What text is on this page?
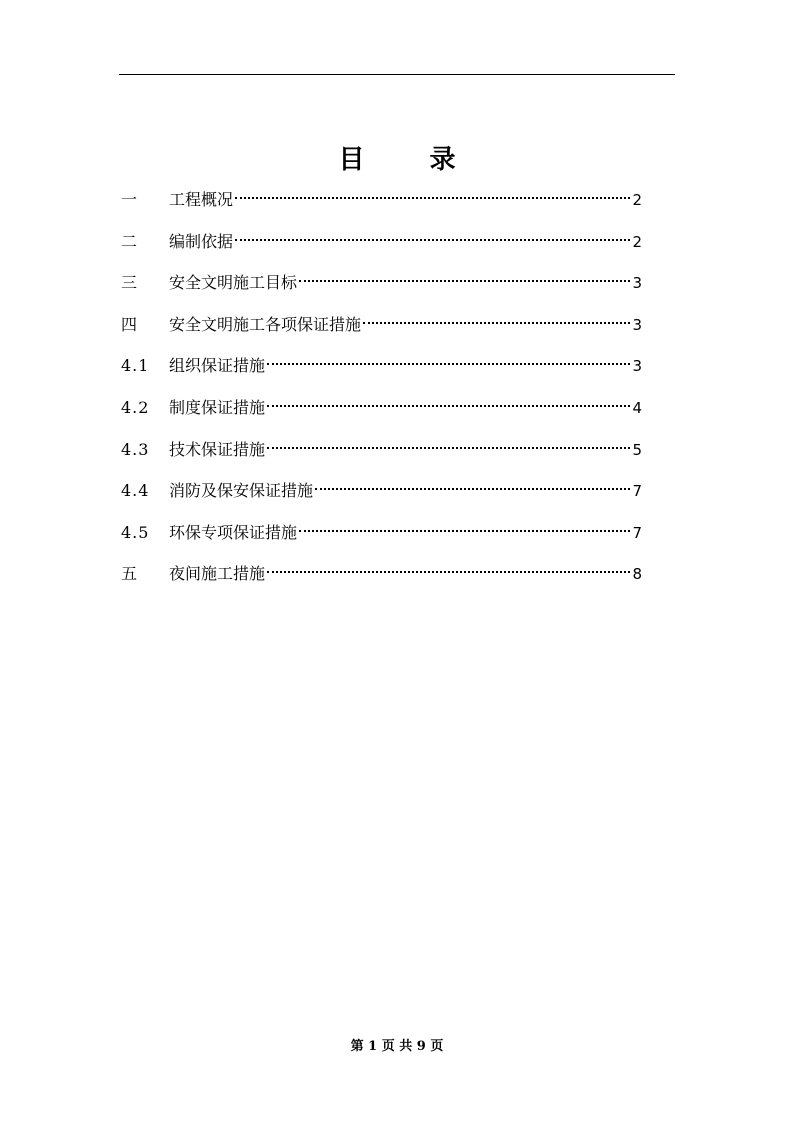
目 录
一	工程概况	2
二	编制依据	2
三	安全文明施工目标	3
四	安全文明施工各项保证措施	3
4.1	组织保证措施	3
4.2	制度保证措施	4
4.3	技术保证措施	5
4.4	消防及保安保证措施	7
4.5	环保专项保证措施	7
五	夜间施工措施	8
第 1 页 共 9 页
